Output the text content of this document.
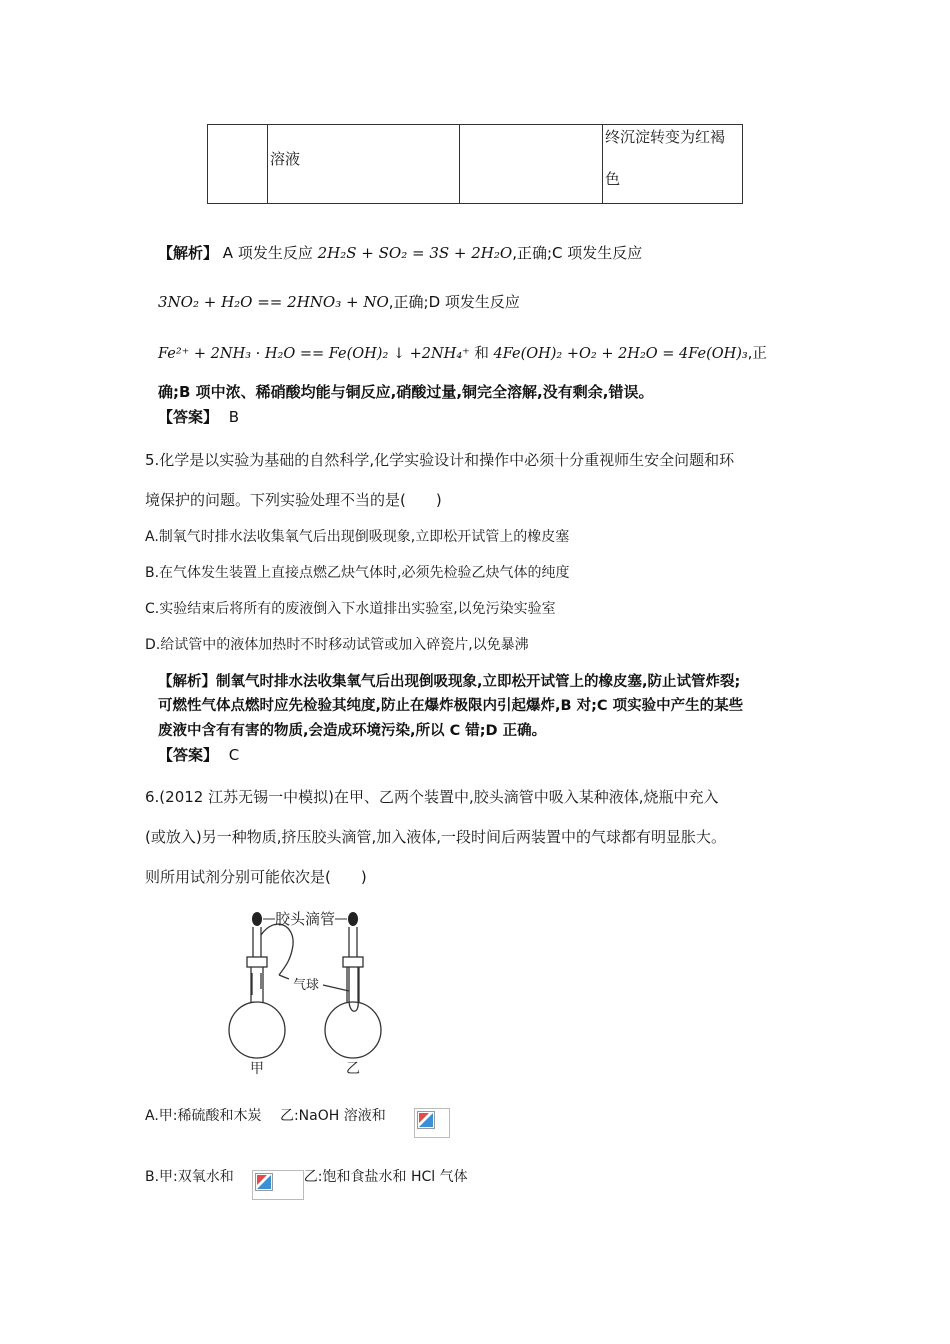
溶液
终沉淀转变为红褐
色
【解析】 A 项发生反应 2H₂S + SO₂ = 3S + 2H₂O,正确;C 项发生反应
3NO₂ + H₂O == 2HNO₃ + NO,正确;D 项发生反应
Fe²⁺ + 2NH₃ · H₂O == Fe(OH)₂ ↓ +2NH₄⁺ 和 4Fe(OH)₂ +O₂ + 2H₂O = 4Fe(OH)₃,正
确;B 项中浓、稀硝酸均能与铜反应,硝酸过量,铜完全溶解,没有剩余,错误。
【答案】 B
5.化学是以实验为基础的自然科学,化学实验设计和操作中必须十分重视师生安全问题和环
境保护的问题。下列实验处理不当的是(　　)
A.制氧气时排水法收集氧气后出现倒吸现象,立即松开试管上的橡皮塞
B.在气体发生装置上直接点燃乙炔气体时,必须先检验乙炔气体的纯度
C.实验结束后将所有的废液倒入下水道排出实验室,以免污染实验室
D.给试管中的液体加热时不时移动试管或加入碎瓷片,以免暴沸
【解析】制氧气时排水法收集氧气后出现倒吸现象,立即松开试管上的橡皮塞,防止试管炸裂;
可燃性气体点燃时应先检验其纯度,防止在爆炸极限内引起爆炸,B 对;C 项实验中产生的某些
废液中含有有害的物质,会造成环境污染,所以 C 错;D 正确。
【答案】 C
6.(2012 江苏无锡一中模拟)在甲、乙两个装置中,胶头滴管中吸入某种液体,烧瓶中充入
(或放入)另一种物质,挤压胶头滴管,加入液体,一段时间后两装置中的气球都有明显胀大。
则所用试剂分别可能依次是(　　)
胶头滴管
气球
甲	乙
A.甲:稀硫酸和木炭　 乙:NaOH 溶液和
B.甲:双氧水和	乙:饱和食盐水和 HCl 气体
